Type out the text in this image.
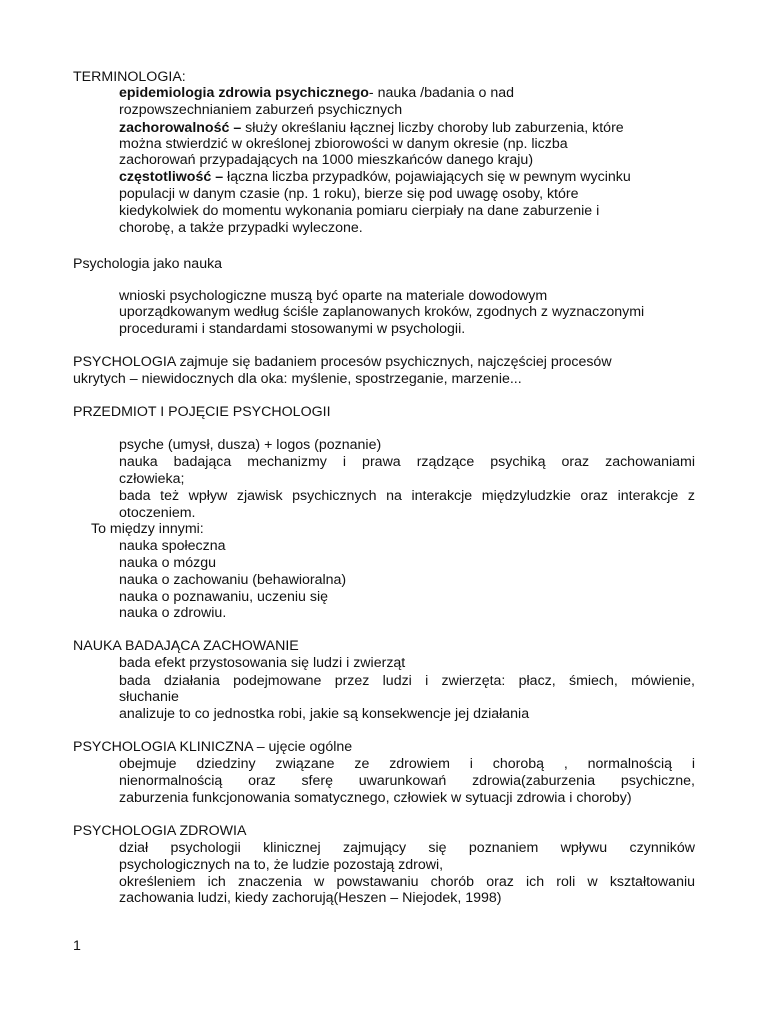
TERMINOLOGIA:
epidemiologia zdrowia psychicznego- nauka /badania o nad
rozpowszechnianiem zaburzeń psychicznych
zachorowalność – służy określaniu łącznej liczby choroby lub zaburzenia, które
można stwierdzić w określonej zbiorowości w danym okresie (np. liczba
zachorowań przypadających na 1000 mieszkańców danego kraju)
częstotliwość – łączna liczba przypadków, pojawiających się w pewnym wycinku
populacji w danym czasie (np. 1 roku), bierze się pod uwagę osoby, które
kiedykolwiek do momentu wykonania pomiaru cierpiały na dane zaburzenie i
chorobę, a także przypadki wyleczone.
Psychologia jako nauka
wnioski psychologiczne muszą być oparte na materiale dowodowym
uporządkowanym według ściśle zaplanowanych kroków, zgodnych z wyznaczonymi
procedurami i standardami stosowanymi w psychologii.
PSYCHOLOGIA zajmuje się badaniem procesów psychicznych, najczęściej procesów
ukrytych – niewidocznych dla oka: myślenie, spostrzeganie, marzenie...
PRZEDMIOT I POJĘCIE PSYCHOLOGII
psyche (umysł, dusza) + logos (poznanie)
nauka badająca mechanizmy i prawa rządzące psychiką oraz zachowaniami
człowieka;
bada też wpływ zjawisk psychicznych na interakcje międzyludzkie oraz interakcje z
otoczeniem.
To między innymi:
nauka społeczna
nauka o mózgu
nauka o zachowaniu (behawioralna)
nauka o poznawaniu, uczeniu się
nauka o zdrowiu.
NAUKA BADAJĄCA ZACHOWANIE
bada efekt przystosowania się ludzi i zwierząt
bada działania podejmowane przez ludzi i zwierzęta: płacz, śmiech, mówienie,
słuchanie
analizuje to co jednostka robi, jakie są konsekwencje jej działania
PSYCHOLOGIA KLINICZNA – ujęcie ogólne
obejmuje dziedziny związane ze zdrowiem i chorobą , normalnością i
nienormalnością oraz sferę uwarunkowań zdrowia(zaburzenia psychiczne,
zaburzenia funkcjonowania somatycznego, człowiek w sytuacji zdrowia i choroby)
PSYCHOLOGIA ZDROWIA
dział psychologii klinicznej zajmujący się poznaniem wpływu czynników
psychologicznych na to, że ludzie pozostają zdrowi,
określeniem ich znaczenia w powstawaniu chorób oraz ich roli w kształtowaniu
zachowania ludzi, kiedy zachorują(Heszen – Niejodek, 1998)
1
